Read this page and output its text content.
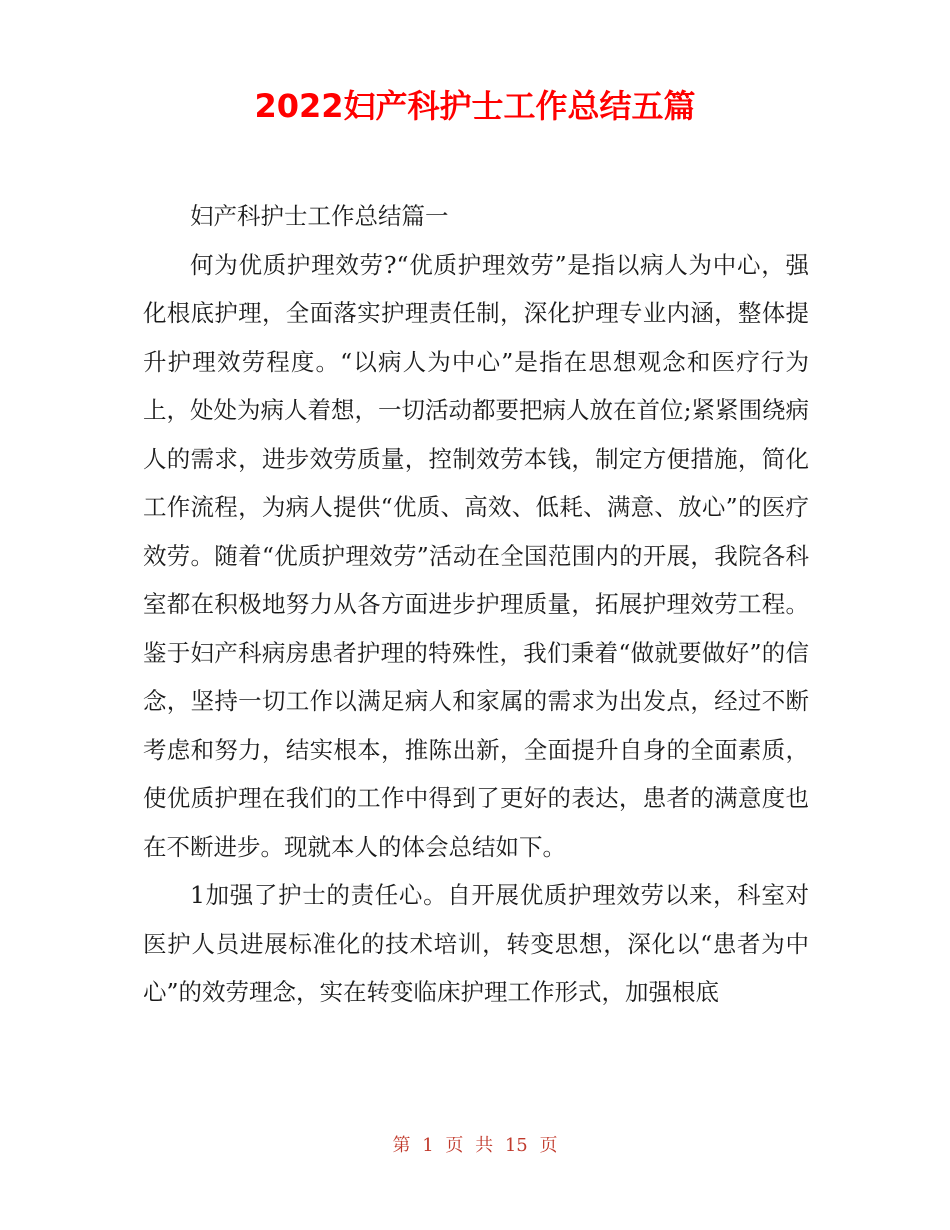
2022妇产科护士工作总结五篇

妇产科护士工作总结篇一

何为优质护理效劳?“优质护理效劳”是指以病人为中心，强化根底护理，全面落实护理责任制，深化护理专业内涵，整体提升护理效劳程度。“以病人为中心”是指在思想观念和医疗行为上，处处为病人着想，一切活动都要把病人放在首位;紧紧围绕病人的需求，进步效劳质量，控制效劳本钱，制定方便措施，简化工作流程，为病人提供“优质、高效、低耗、满意、放心”的医疗效劳。随着“优质护理效劳”活动在全国范围内的开展，我院各科室都在积极地努力从各方面进步护理质量，拓展护理效劳工程。鉴于妇产科病房患者护理的特殊性，我们秉着“做就要做好”的信念，坚持一切工作以满足病人和家属的需求为出发点，经过不断考虑和努力，结实根本，推陈出新，全面提升自身的全面素质，使优质护理在我们的工作中得到了更好的表达，患者的满意度也在不断进步。现就本人的体会总结如下。

1加强了护士的责任心。自开展优质护理效劳以来，科室对医护人员进展标准化的技术培训，转变思想，深化以“患者为中心”的效劳理念，实在转变临床护理工作形式，加强根底

第 1 页 共 15 页
